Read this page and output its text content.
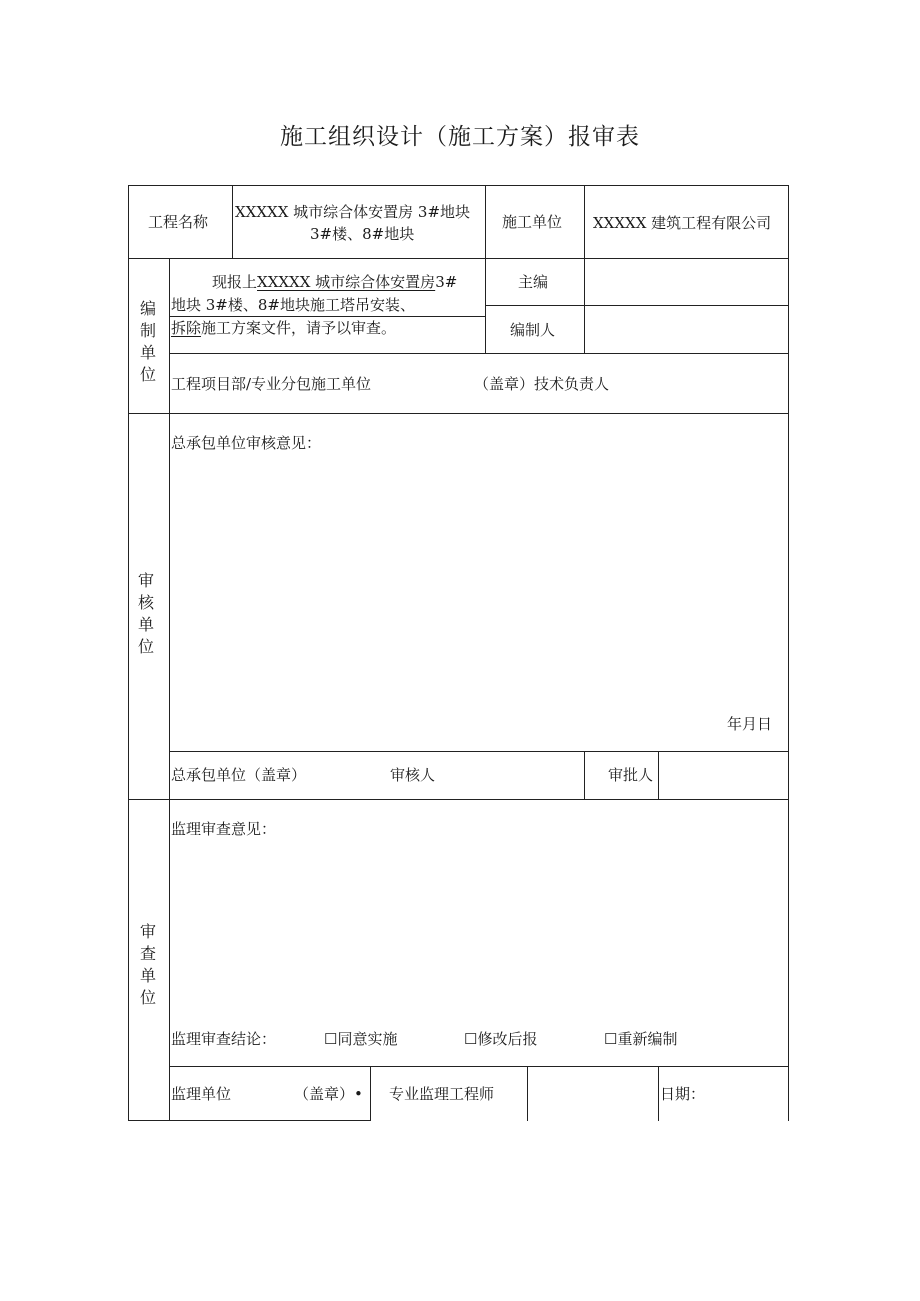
施工组织设计（施工方案）报审表
工程名称
XXXXX 城市综合体安置房 3#地块
3#楼、8#地块
施工单位 XXXXX 建筑工程有限公司
编制单位
现报上XXXXX 城市综合体安置房3#
地块 3#楼、8#地块施工塔吊安装、
拆除施工方案文件，请予以审查。
主编
编制人
工程项目部/专业分包施工单位	（盖章）技术负责人
审核单位
总承包单位审核意见：
年月日
总承包单位（盖章）	审核人	审批人
审查单位
监理审查意见：
监理审查结论：	☐同意实施	☐修改后报	☐重新编制
监理单位	（盖章）• 专业监理工程师	日期：
